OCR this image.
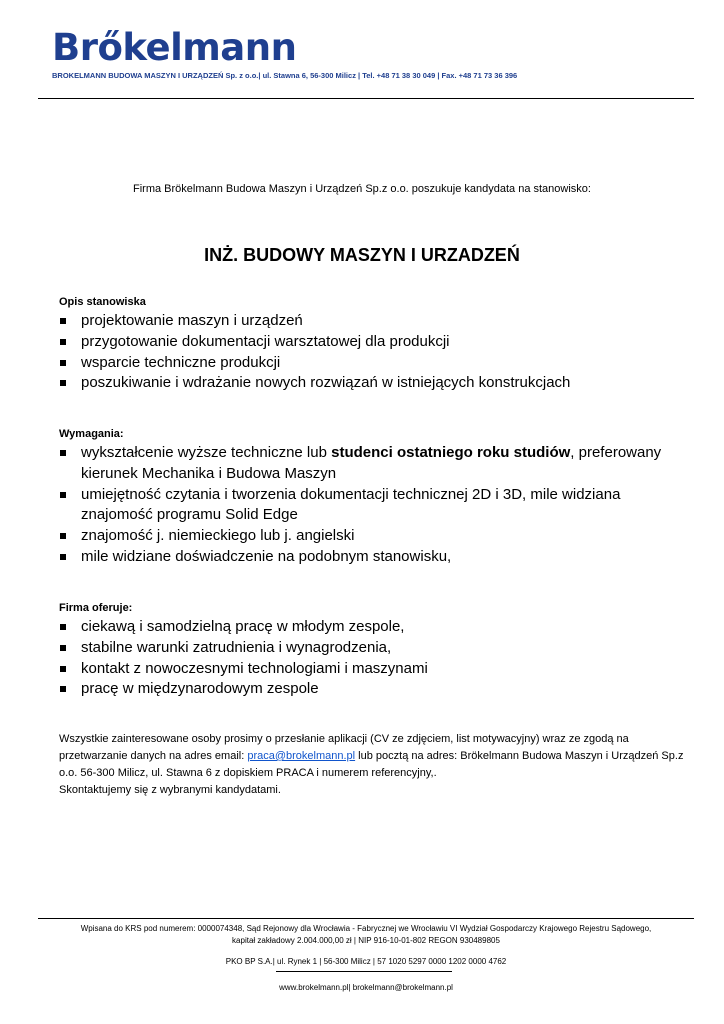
Brőkelmann
BROKELMANN BUDOWA MASZYN I URZĄDZEŃ Sp. z o.o.| ul. Stawna 6, 56-300 Milicz | Tel. +48 71 38 30 049 | Fax. +48 71 73 36 396
Firma Brökelmann Budowa Maszyn i Urządzeń Sp.z o.o. poszukuje kandydata na stanowisko:
INŻ. BUDOWY MASZYN I URZADZEŃ
Opis stanowiska
projektowanie maszyn i urządzeń
przygotowanie dokumentacji warsztatowej dla produkcji
wsparcie techniczne produkcji
poszukiwanie i wdrażanie nowych rozwiązań w istniejących konstrukcjach
Wymagania:
wykształcenie wyższe techniczne lub studenci ostatniego roku studiów, preferowany kierunek Mechanika i Budowa Maszyn
umiejętność czytania i tworzenia dokumentacji technicznej 2D i 3D, mile widziana znajomość programu Solid Edge
znajomość j. niemieckiego lub j. angielski
mile widziane doświadczenie na podobnym stanowisku,
Firma oferuje:
ciekawą i samodzielną pracę w młodym zespole,
stabilne warunki zatrudnienia i wynagrodzenia,
kontakt z nowoczesnymi technologiami i maszynami
pracę w międzynarodowym zespole
Wszystkie zainteresowane osoby prosimy o przesłanie aplikacji (CV ze zdjęciem, list motywacyjny) wraz ze zgodą na przetwarzanie danych na adres email: praca@brokelmann.pl lub pocztą na adres: Brökelmann Budowa Maszyn i Urządzeń Sp.z o.o. 56-300 Milicz, ul. Stawna 6 z dopiskiem PRACA i numerem referencyjny,.
Skontaktujemy się z wybranymi kandydatami.
Wpisana do KRS pod numerem: 0000074348, Sąd Rejonowy dla Wrocławia - Fabrycznej we Wrocławiu VI Wydział Gospodarczy Krajowego Rejestru Sądowego,
kapitał zakładowy 2.004.000,00 zł | NIP 916-10-01-802 REGON 930489805
PKO BP S.A.| ul. Rynek 1 | 56-300 Milicz | 57 1020 5297 0000 1202 0000 4762
www.brokelmann.pl| brokelmann@brokelmann.pl
